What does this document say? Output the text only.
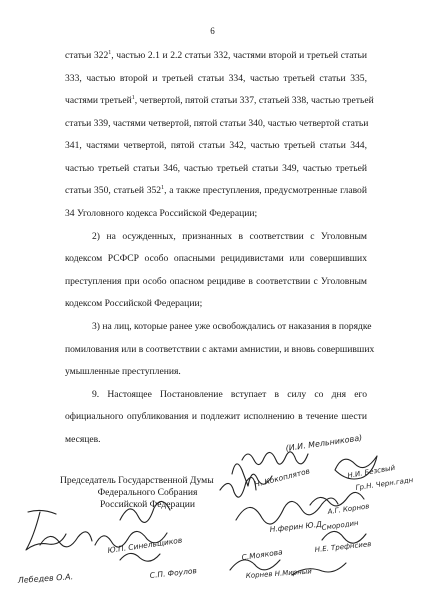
6
статьи $322^1$, частью 2.1 и 2.2 статьи 332, частями второй и третьей статьи
333, частью второй и третьей статьи 334, частью третьей статьи 335,
частями третьей$^1$, четвертой, пятой статьи 337, статьей 338, частью третьей
статьи 339, частями четвертой, пятой статьи 340, частью четвертой статьи
341, частями четвертой, пятой статьи 342, частью третьей статьи 344,
частью третьей статьи 346, частью третьей статьи 349, частью третьей
статьи 350, статьей $352^1$, а также преступления, предусмотренные главой
34 Уголовного кодекса Российской Федерации;
2) на осужденных, признанных в соответствии с Уголовным
кодексом РСФСР особо опасными рецидивистами или совершивших
преступления при особо опасном рецидиве в соответствии с Уголовным
кодексом Российской Федерации;
3) на лиц, которые ранее уже освобождались от наказания в порядке
помилования или в соответствии с актами амнистии, и вновь совершивших
умышленные преступления.
9. Настоящее Постановление вступает в силу со дня его
официального опубликования и подлежит исполнению в течение шести
месяцев.
Председатель Государственной Думы
Федерального Собрания
Российской Федерации
(И.И. Мельникова)
Н. Кокоплятов	Н.И. Безсвый
Гр.Н. Черн.гадн
А.Г. Корнов
Н.ферин Ю.Д.
Смородин
Н.Е. Трефнсиев
С.Моякова
Корнев Н.Мирный
Ю.П. Синельщиков
Лебедев О.А.	С.П. Фоулов
